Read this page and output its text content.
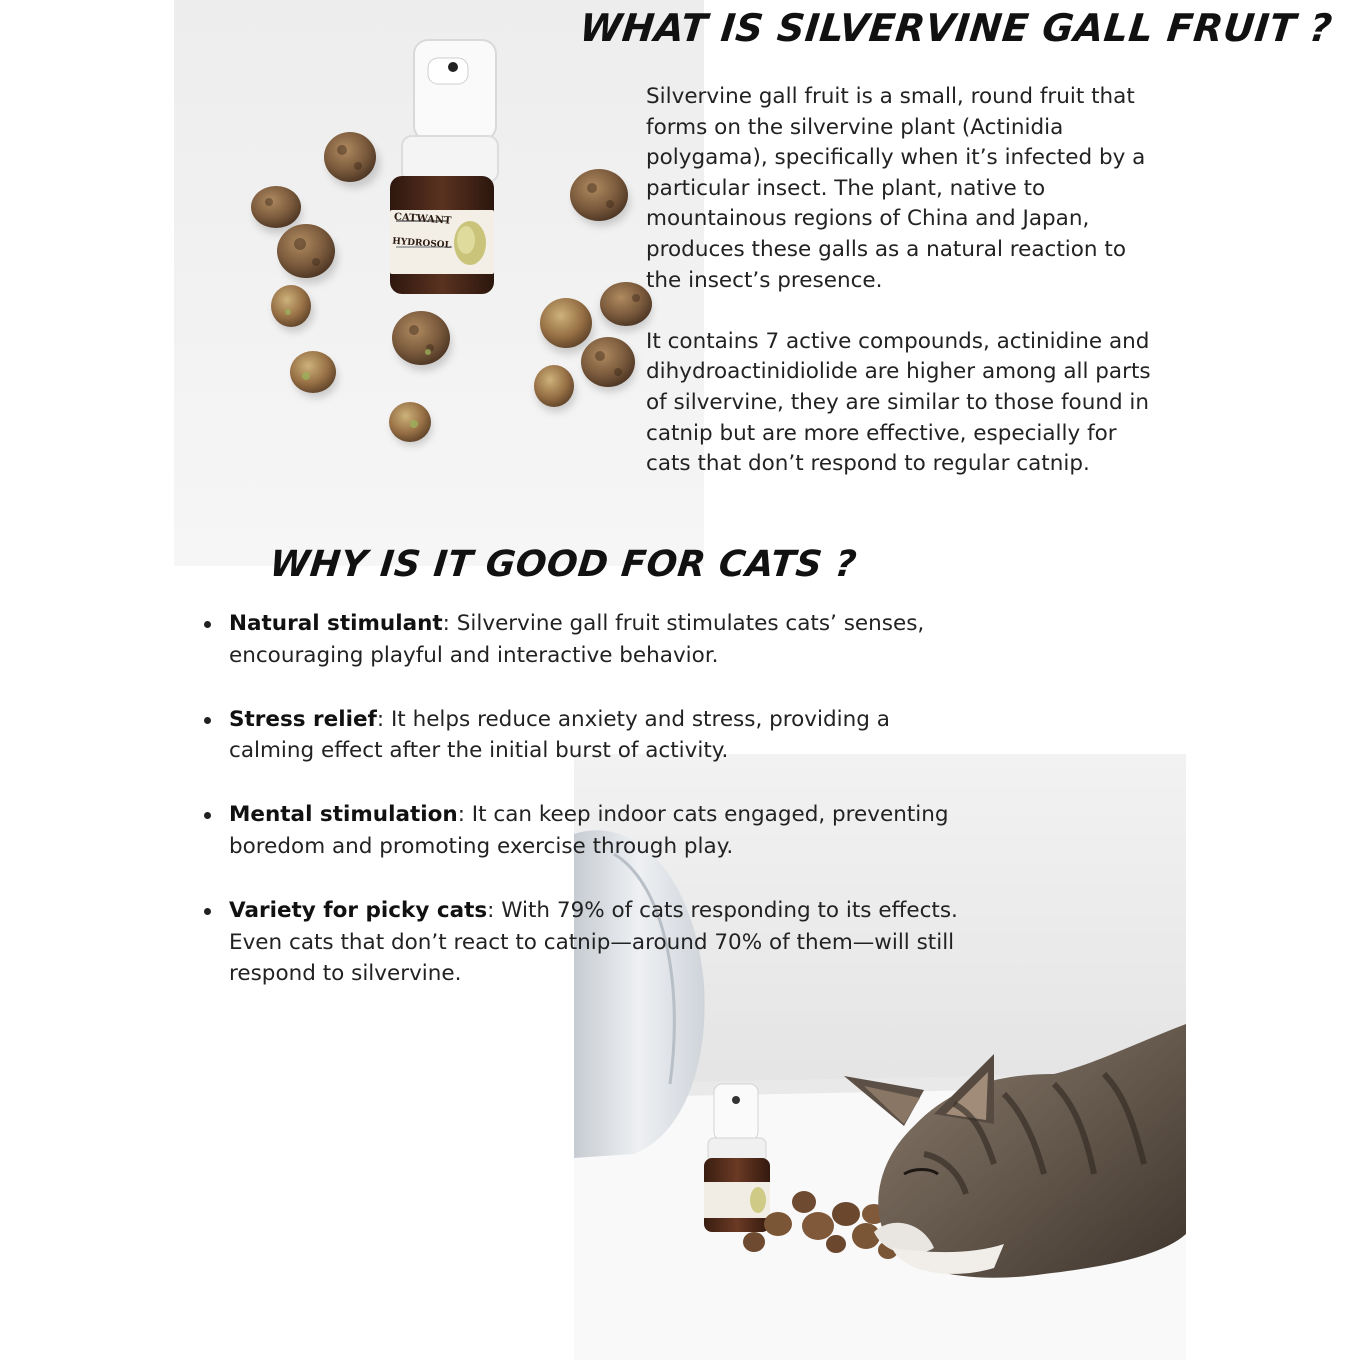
CATWANT
HYDROSOL
WHAT IS SILVERVINE GALL FRUIT ?
WHY IS IT GOOD FOR CATS ?

Silvervine gall fruit is a small, round fruit that forms on the silvervine plant (Actinidia polygama), specifically when it’s infected by a particular insect. The plant, native to mountainous regions of China and Japan, produces these galls as a natural reaction to the insect’s presence.

It contains 7 active compounds, actinidine and dihydroactinidiolide are higher among all parts of silvervine, they are similar to those found in catnip but are more effective, especially for cats that don’t respond to regular catnip.

Natural stimulant: Silvervine gall fruit stimulates cats’ senses, encouraging playful and interactive behavior.
Stress relief: It helps reduce anxiety and stress, providing a calming effect after the initial burst of activity.
Mental stimulation: It can keep indoor cats engaged, preventing boredom and promoting exercise through play.
Variety for picky cats: With 79% of cats responding to its effects. Even cats that don’t react to catnip—around 70% of them—will still respond to silvervine.
